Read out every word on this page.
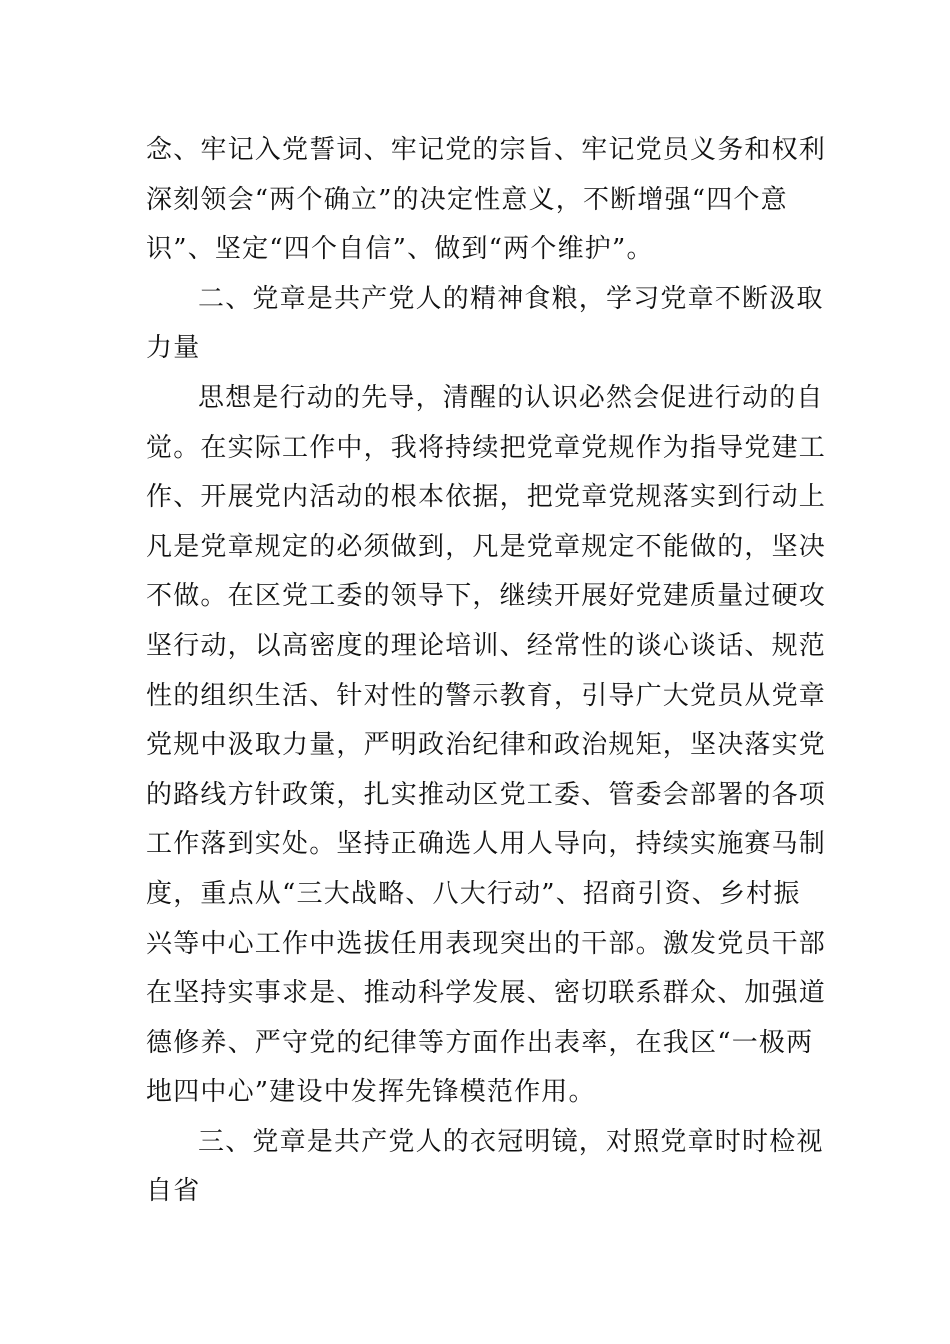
念、牢记入党誓词、牢记党的宗旨、牢记党员义务和权利
深刻领会“两个确立”的决定性意义，不断增强“四个意
识”、坚定“四个自信”、做到“两个维护”。
二、党章是共产党人的精神食粮，学习党章不断汲取
力量
思想是行动的先导，清醒的认识必然会促进行动的自
觉。在实际工作中，我将持续把党章党规作为指导党建工
作、开展党内活动的根本依据，把党章党规落实到行动上
凡是党章规定的必须做到，凡是党章规定不能做的，坚决
不做。在区党工委的领导下，继续开展好党建质量过硬攻
坚行动，以高密度的理论培训、经常性的谈心谈话、规范
性的组织生活、针对性的警示教育，引导广大党员从党章
党规中汲取力量，严明政治纪律和政治规矩，坚决落实党
的路线方针政策，扎实推动区党工委、管委会部署的各项
工作落到实处。坚持正确选人用人导向，持续实施赛马制
度，重点从“三大战略、八大行动”、招商引资、乡村振
兴等中心工作中选拔任用表现突出的干部。激发党员干部
在坚持实事求是、推动科学发展、密切联系群众、加强道
德修养、严守党的纪律等方面作出表率，在我区“一极两
地四中心”建设中发挥先锋模范作用。
三、党章是共产党人的衣冠明镜，对照党章时时检视
自省
